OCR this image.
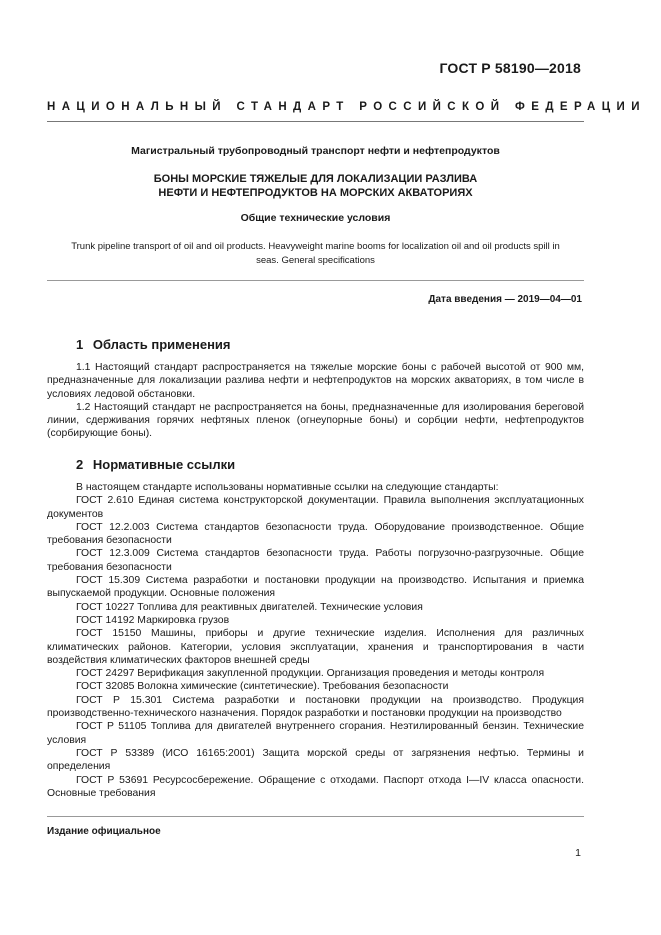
ГОСТ Р 58190—2018
НАЦИОНАЛЬНЫЙ СТАНДАРТ РОССИЙСКОЙ ФЕДЕРАЦИИ
Магистральный трубопроводный транспорт нефти и нефтепродуктов
БОНЫ МОРСКИЕ ТЯЖЕЛЫЕ ДЛЯ ЛОКАЛИЗАЦИИ РАЗЛИВА
НЕФТИ И НЕФТЕПРОДУКТОВ НА МОРСКИХ АКВАТОРИЯХ
Общие технические условия
Trunk pipeline transport of oil and oil products. Heavyweight marine booms for localization oil and oil products spill in seas. General specifications
Дата введения — 2019—04—01
1 Область применения

1.1 Настоящий стандарт распространяется на тяжелые морские боны с рабочей высотой от 900 мм, предназначенные для локализации разлива нефти и нефтепродуктов на морских акваториях, в том числе в условиях ледовой обстановки.

1.2 Настоящий стандарт не распространяется на боны, предназначенные для изолирования береговой линии, сдерживания горячих нефтяных пленок (огнеупорные боны) и сорбции нефти, нефтепродуктов (сорбирующие боны).

2 Нормативные ссылки

В настоящем стандарте использованы нормативные ссылки на следующие стандарты:

ГОСТ 2.610 Единая система конструкторской документации. Правила выполнения эксплуатационных документов

ГОСТ 12.2.003 Система стандартов безопасности труда. Оборудование производственное. Общие требования безопасности

ГОСТ 12.3.009 Система стандартов безопасности труда. Работы погрузочно-разгрузочные. Общие требования безопасности

ГОСТ 15.309 Система разработки и постановки продукции на производство. Испытания и приемка выпускаемой продукции. Основные положения

ГОСТ 10227 Топлива для реактивных двигателей. Технические условия

ГОСТ 14192 Маркировка грузов

ГОСТ 15150 Машины, приборы и другие технические изделия. Исполнения для различных климатических районов. Категории, условия эксплуатации, хранения и транспортирования в части воздействия климатических факторов внешней среды

ГОСТ 24297 Верификация закупленной продукции. Организация проведения и методы контроля

ГОСТ 32085 Волокна химические (синтетические). Требования безопасности

ГОСТ Р 15.301 Система разработки и постановки продукции на производство. Продукция производственно-технического назначения. Порядок разработки и постановки продукции на производство

ГОСТ Р 51105 Топлива для двигателей внутреннего сгорания. Неэтилированный бензин. Технические условия

ГОСТ Р 53389 (ИСО 16165:2001) Защита морской среды от загрязнения нефтью. Термины и определения

ГОСТ Р 53691 Ресурсосбережение. Обращение с отходами. Паспорт отхода I—IV класса опасности. Основные требования

Издание официальное
1
